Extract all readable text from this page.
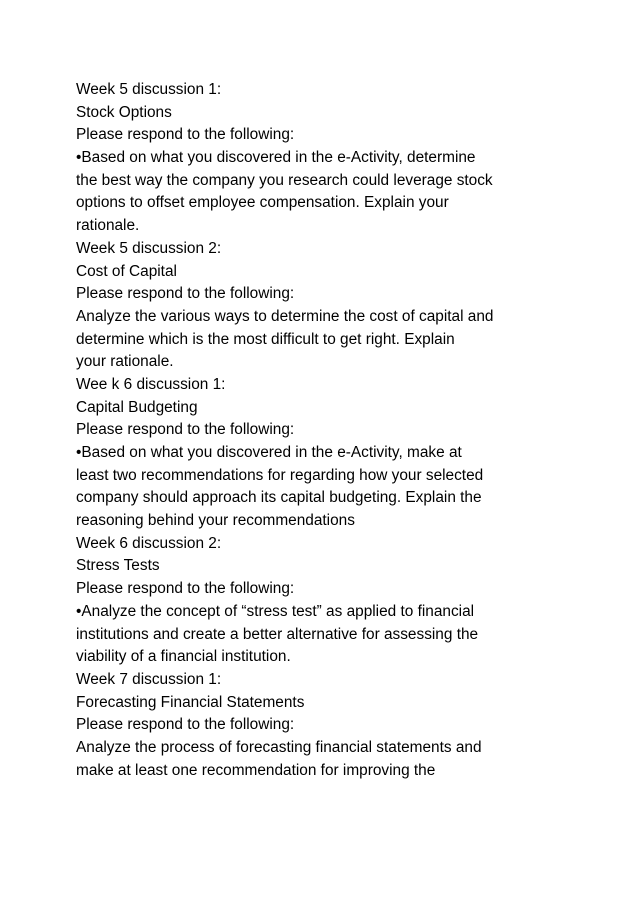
Week 5 discussion 1:
Stock Options
Please respond to the following:
•Based on what you discovered in the e-Activity, determine
the best way the company you research could leverage stock
options to offset employee compensation. Explain your
rationale.
Week 5 discussion 2:
Cost of Capital
Please respond to the following:
Analyze the various ways to determine the cost of capital and
determine which is the most difficult to get right. Explain
your rationale.
Wee k 6 discussion 1:
Capital Budgeting
Please respond to the following:
•Based on what you discovered in the e-Activity, make at
least two recommendations for regarding how your selected
company should approach its capital budgeting. Explain the
reasoning behind your recommendations
Week 6 discussion 2:
Stress Tests
Please respond to the following:
•Analyze the concept of “stress test” as applied to financial
institutions and create a better alternative for assessing the
viability of a financial institution.
Week 7 discussion 1:
Forecasting Financial Statements
Please respond to the following:
Analyze the process of forecasting financial statements and
make at least one recommendation for improving the
